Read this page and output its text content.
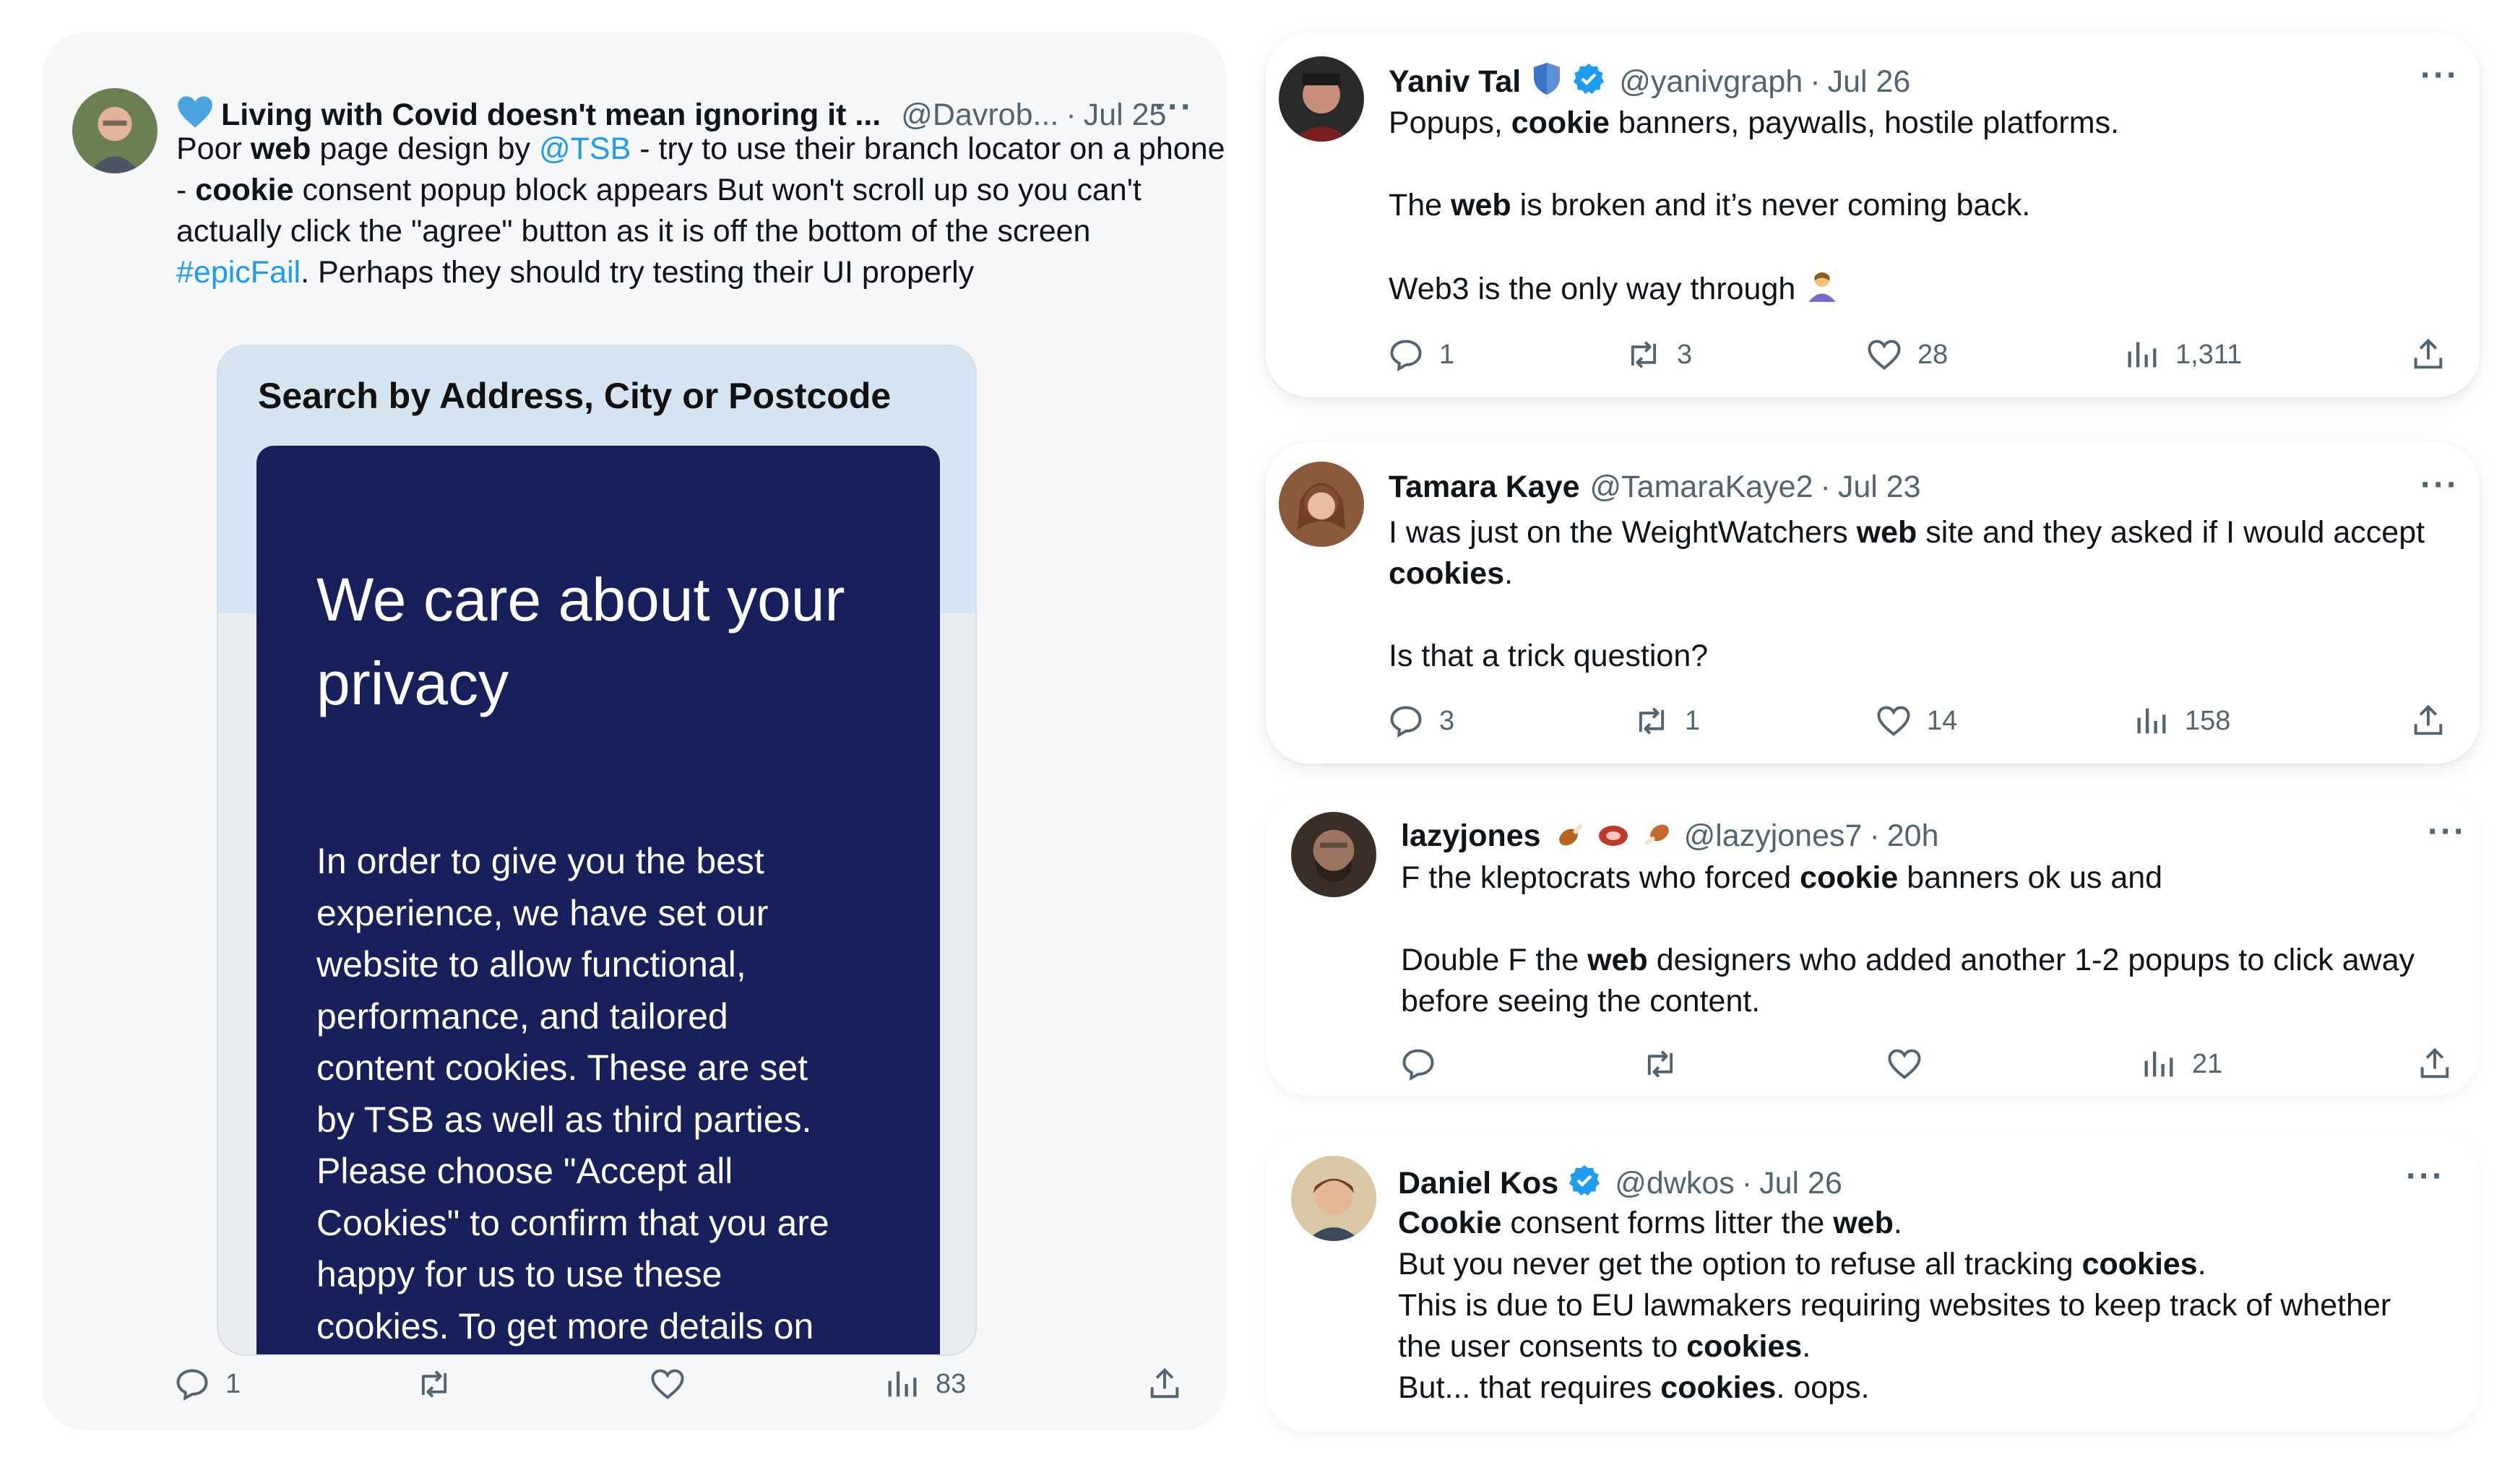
Living with Covid doesn't mean ignoring it ... @Davrob... · Jul 25
···

Poor web page design by @TSB - try to use their branch locator on a phone

- cookie consent popup block appears But won't scroll up so you can't

actually click the "agree" button as it is off the bottom of the screen

#epicFail. Perhaps they should try testing their UI properly

Search by Address, City or Postcode
We care about your
privacy

In order to give you the best

experience, we have set our

website to allow functional,

performance, and tailored

content cookies. These are set

by TSB as well as third parties.

Please choose "Accept all

Cookies" to confirm that you are

happy for us to use these

cookies. To get more details on

1	83
Yaniv Tal	@yanivgraph · Jul 26	···

Popups, cookie banners, paywalls, hostile platforms.

The web is broken and it’s never coming back.

Web3 is the only way through

1	3	28	1,311
Tamara Kaye @TamaraKaye2 · Jul 23	···

I was just on the WeightWatchers web site and they asked if I would accept

cookies.

Is that a trick question?

3	1	14	158
lazyjones	@lazyjones7 · 20h	···

F the kleptocrats who forced cookie banners ok us and

Double F the web designers who added another 1-2 popups to click away

before seeing the content.

21
Daniel Kos @dwkos · Jul 26	···

Cookie consent forms litter the web.

But you never get the option to refuse all tracking cookies.

This is due to EU lawmakers requiring websites to keep track of whether

the user consents to cookies.

But... that requires cookies. oops.
